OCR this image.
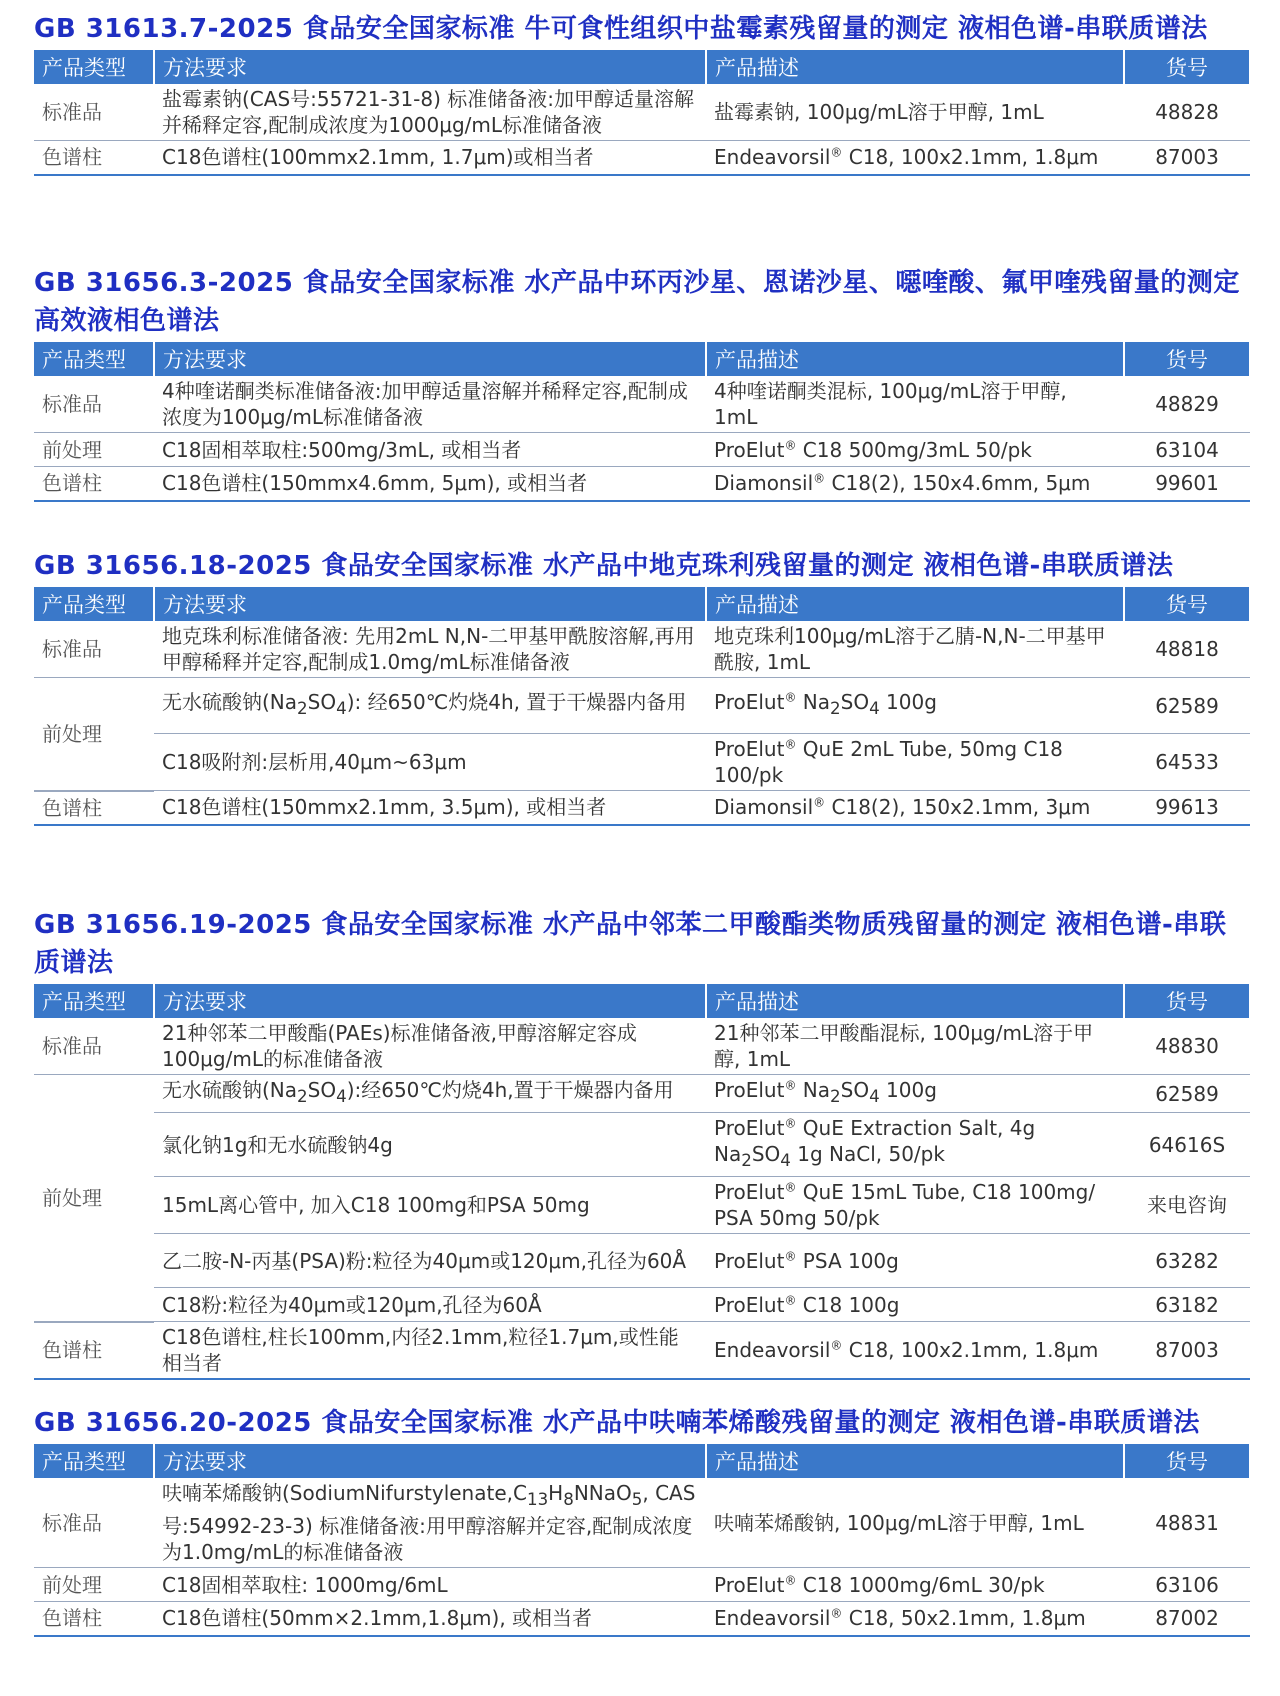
GB 31613.7-2025 食品安全国家标准 牛可食性组织中盐霉素残留量的测定 液相色谱-串联质谱法

产品类型	方法要求	产品描述	货号
标准品	盐霉素钠(CAS号:55721-31-8) 标准储备液:加甲醇适量溶解并稀释定容,配制成浓度为1000μg/mL标准储备液	盐霉素钠, 100μg/mL溶于甲醇, 1mL	48828
色谱柱	C18色谱柱(100mmx2.1mm, 1.7μm)或相当者	Endeavorsil® C18, 100x2.1mm, 1.8μm	87003

GB 31656.3-2025 食品安全国家标准 水产品中环丙沙星、恩诺沙星、噁喹酸、氟甲喹残留量的测定 高效液相色谱法

产品类型	方法要求	产品描述	货号
标准品	4种喹诺酮类标准储备液:加甲醇适量溶解并稀释定容,配制成浓度为100μg/mL标准储备液	4种喹诺酮类混标, 100μg/mL溶于甲醇, 1mL	48829
前处理	C18固相萃取柱:500mg/3mL, 或相当者	ProElut® C18 500mg/3mL 50/pk	63104
色谱柱	C18色谱柱(150mmx4.6mm, 5μm), 或相当者	Diamonsil® C18(2), 150x4.6mm, 5μm	99601

GB 31656.18-2025 食品安全国家标准 水产品中地克珠利残留量的测定 液相色谱-串联质谱法

产品类型	方法要求	产品描述	货号
标准品	地克珠利标准储备液: 先用2mL N,N-二甲基甲酰胺溶解,再用甲醇稀释并定容,配制成1.0mg/mL标准储备液	地克珠利100μg/mL溶于乙腈-N,N-二甲基甲酰胺, 1mL	48818
前处理	无水硫酸钠$(Na_2SO_4)$: 经650℃灼烧4h, 置于干燥器内备用	ProElut® $Na_2SO_4$ 100g	62589
	C18吸附剂:层析用,40μm~63μm	ProElut® QuE 2mL Tube, 50mg C18 100/pk	64533
色谱柱	C18色谱柱(150mmx2.1mm, 3.5μm), 或相当者	Diamonsil® C18(2), 150x2.1mm, 3μm	99613

GB 31656.19-2025 食品安全国家标准 水产品中邻苯二甲酸酯类物质残留量的测定 液相色谱-串联质谱法

产品类型	方法要求	产品描述	货号
标准品	21种邻苯二甲酸酯(PAEs)标准储备液,甲醇溶解定容成100μg/mL的标准储备液	21种邻苯二甲酸酯混标, 100μg/mL溶于甲醇, 1mL	48830
前处理	无水硫酸钠$(Na_2SO_4)$:经650℃灼烧4h,置于干燥器内备用	ProElut® $Na_2SO_4$ 100g	62589
	氯化钠1g和无水硫酸钠4g	ProElut® QuE Extraction Salt, 4g $Na_2SO_4$ 1g NaCl, 50/pk	64616S
	15mL离心管中, 加入C18 100mg和PSA 50mg	ProElut® QuE 15mL Tube, C18 100mg/ PSA 50mg 50/pk	来电咨询
	乙二胺-N-丙基(PSA)粉:粒径为40μm或120μm,孔径为60Å	ProElut® PSA 100g	63282
	C18粉:粒径为40μm或120μm,孔径为60Å	ProElut® C18 100g	63182
色谱柱	C18色谱柱,柱长100mm,内径2.1mm,粒径1.7μm,或性能相当者	Endeavorsil® C18, 100x2.1mm, 1.8μm	87003

GB 31656.20-2025 食品安全国家标准 水产品中呋喃苯烯酸残留量的测定 液相色谱-串联质谱法

产品类型	方法要求	产品描述	货号
标准品	呋喃苯烯酸钠($SodiumNifurstylenate,C_{13}H_8NNaO_5$, CAS号:54992-23-3) 标准储备液:用甲醇溶解并定容,配制成浓度为1.0mg/mL的标准储备液	呋喃苯烯酸钠, 100μg/mL溶于甲醇, 1mL	48831
前处理	C18固相萃取柱: 1000mg/6mL	ProElut® C18 1000mg/6mL 30/pk	63106
色谱柱	C18色谱柱(50mm×2.1mm,1.8μm), 或相当者	Endeavorsil® C18, 50x2.1mm, 1.8μm	87002
